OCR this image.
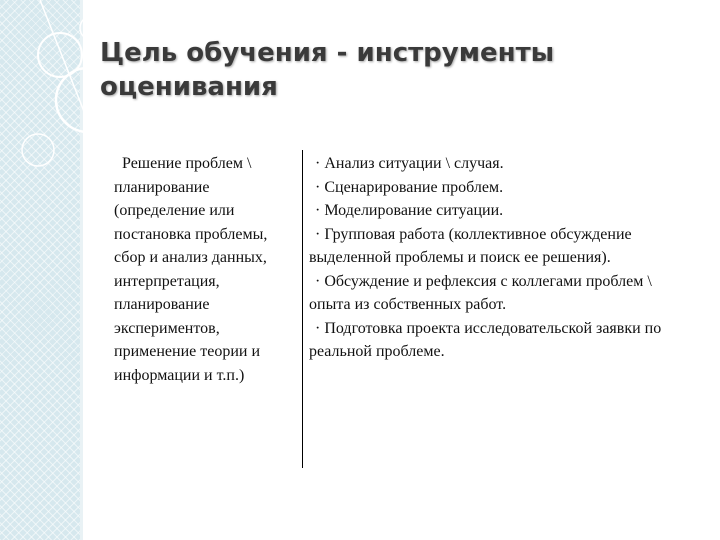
Цель обучения - инструменты оценивания

Решение проблем \ планирование (определение или постановка проблемы, сбор и анализ данных, интерпретация, планирование экспериментов, применение теории и информации и т.п.)

· Анализ ситуации \ случая.

· Сценарирование проблем.

· Моделирование ситуации.

· Групповая работа (коллективное обсуждение выделенной проблемы и поиск ее решения).

· Обсуждение и рефлексия с коллегами проблем \ опыта из собственных работ.

· Подготовка проекта исследовательской заявки по реальной проблеме.
